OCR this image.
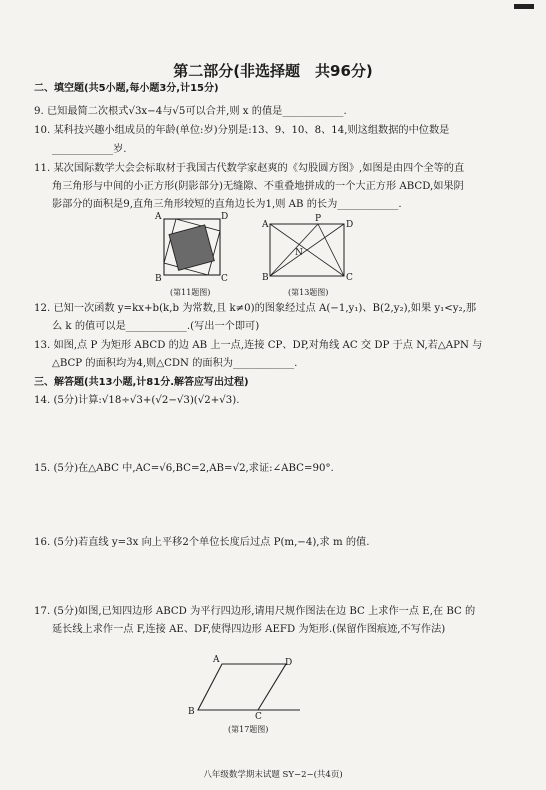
第二部分(非选择题　共96分)
二、填空题(共5小题,每小题3分,计15分)
9. 已知最简二次根式√3x−4与√5可以合并,则 x 的值是____________.
10. 某科技兴趣小组成员的年龄(单位:岁)分别是:13、9、10、8、14,则这组数据的中位数是
____________岁.
11. 某次国际数学大会会标取材于我国古代数学家赵爽的《勾股圆方图》,如图是由四个全等的直
角三角形与中间的小正方形(阴影部分)无缝隙、不重叠地拼成的一个大正方形 ABCD,如果阴
影部分的面积是9,直角三角形较短的直角边长为1,则 AB 的长为____________.
A	D
B	C
(第11题图)
A
P
D
N
B	C
(第13题图)
12. 已知一次函数 y=kx+b(k,b 为常数,且 k≠0)的图象经过点 A(−1,y₁)、B(2,y₂),如果 y₁<y₂,那
么 k 的值可以是____________.(写出一个即可)
13. 如图,点 P 为矩形 ABCD 的边 AB 上一点,连接 CP、DP,对角线 AC 交 DP 于点 N,若△APN 与
△BCP 的面积均为4,则△CDN 的面积为____________.
三、解答题(共13小题,计81分.解答应写出过程)
14. (5分)计算:√18÷√3+(√2−√3)(√2+√3).
15. (5分)在△ABC 中,AC=√6,BC=2,AB=√2,求证:∠ABC=90°.
16. (5分)若直线 y=3x 向上平移2个单位长度后过点 P(m,−4),求 m 的值.
17. (5分)如图,已知四边形 ABCD 为平行四边形,请用尺规作图法在边 BC 上求作一点 E,在 BC 的
延长线上求作一点 F,连接 AE、DF,使得四边形 AEFD 为矩形.(保留作图痕迹,不写作法)
A	D
B	C
(第17题图)
八年级数学期末试题 SY−2−(共4页)
